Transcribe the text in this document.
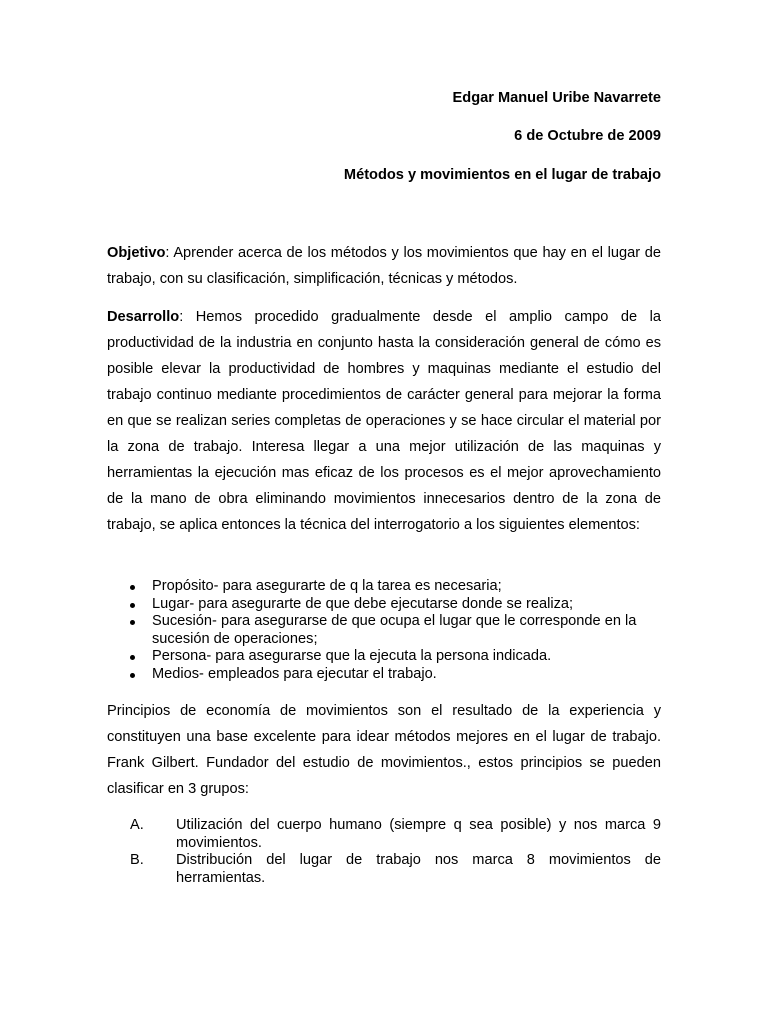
Edgar Manuel Uribe Navarrete
6 de Octubre de 2009
Métodos y movimientos en el lugar de trabajo

Objetivo: Aprender acerca de los métodos y los movimientos que hay en el lugar de trabajo, con su clasificación, simplificación, técnicas y métodos.

Desarrollo: Hemos procedido gradualmente desde el amplio campo de la productividad de la industria en conjunto hasta la consideración general de cómo es posible elevar la productividad de hombres y maquinas mediante el estudio del trabajo continuo mediante procedimientos de carácter general para mejorar la forma en que se realizan series completas de operaciones y se hace circular el material por la zona de trabajo. Interesa llegar a una mejor utilización de las maquinas y herramientas la ejecución mas eficaz de los procesos es el mejor aprovechamiento de la mano de obra eliminando movimientos innecesarios dentro de la zona de trabajo, se aplica entonces la técnica del interrogatorio a los siguientes elementos:

Propósito- para asegurarte de q la tarea es necesaria;
Lugar- para asegurarte de que debe ejecutarse donde se realiza;
Sucesión- para asegurarse de que ocupa el lugar que le corresponde en la sucesión de operaciones;
Persona- para asegurarse que la ejecuta la persona indicada.
Medios- empleados para ejecutar el trabajo.

Principios de economía de movimientos son el resultado de la experiencia y constituyen una base excelente para idear métodos mejores en el lugar de trabajo. Frank Gilbert. Fundador del estudio de movimientos., estos principios se pueden clasificar en 3 grupos:

A. Utilización del cuerpo humano (siempre q sea posible) y nos marca 9 movimientos.
B. Distribución del lugar de trabajo nos marca 8 movimientos de herramientas.
